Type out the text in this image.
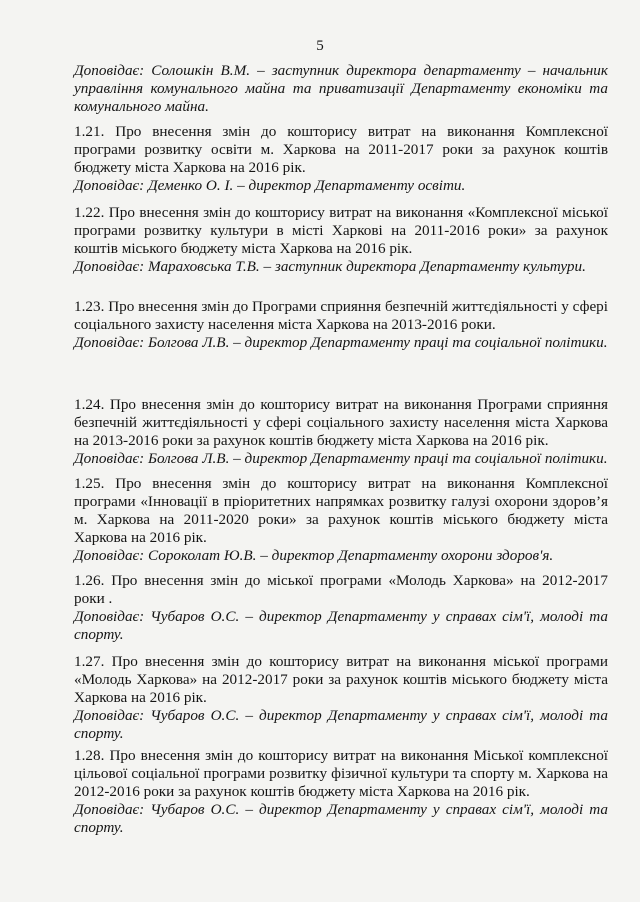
5

Доповідає: Солошкін В.М. – заступник директора департаменту – начальник управління комунального майна та приватизації Департаменту економіки та комунального майна.

1.21. Про внесення змін до кошторису витрат на виконання Комплексної програми розвитку освіти м. Харкова на 2011-2017 роки за рахунок коштів бюджету міста Харкова на 2016 рік.

Доповідає: Деменко О. І. – директор Департаменту освіти.

1.22. Про внесення змін до кошторису витрат на виконання «Комплексної міської програми розвитку культури в місті Харкові на 2011-2016 роки» за рахунок коштів міського бюджету міста Харкова на 2016 рік.

Доповідає: Мараховська Т.В. – заступник директора Департаменту культури.

1.23. Про внесення змін до Програми сприяння безпечній життєдіяльності у сфері соціального захисту населення міста Харкова на 2013-2016 роки.

Доповідає: Болгова Л.В. – директор Департаменту праці та соціальної політики.

1.24. Про внесення змін до кошторису витрат на виконання Програми сприяння безпечній життєдіяльності у сфері соціального захисту населення міста Харкова на 2013-2016 роки за рахунок коштів бюджету міста Харкова на 2016 рік.

Доповідає: Болгова Л.В. – директор Департаменту праці та соціальної політики.

1.25. Про внесення змін до кошторису витрат на виконання Комплексної програми «Інновації в пріоритетних напрямках розвитку галузі охорони здоров’я м. Харкова на 2011-2020 роки» за рахунок коштів міського бюджету міста Харкова на 2016 рік.

Доповідає: Сороколат Ю.В. – директор Департаменту охорони здоров'я.

1.26. Про внесення змін до міської програми «Молодь Харкова» на 2012-2017 роки .

Доповідає: Чубаров О.С. – директор Департаменту у справах сім'ї, молоді та спорту.

1.27. Про внесення змін до кошторису витрат на виконання міської програми «Молодь Харкова» на 2012-2017 роки за рахунок коштів міського бюджету міста Харкова на 2016 рік.

Доповідає: Чубаров О.С. – директор Департаменту у справах сім'ї, молоді та спорту.

1.28. Про внесення змін до кошторису витрат на виконання Міської комплексної цільової соціальної програми розвитку фізичної культури та спорту м. Харкова на 2012-2016 роки за рахунок коштів бюджету міста Харкова на 2016 рік.

Доповідає: Чубаров О.С. – директор Департаменту у справах сім'ї, молоді та спорту.
